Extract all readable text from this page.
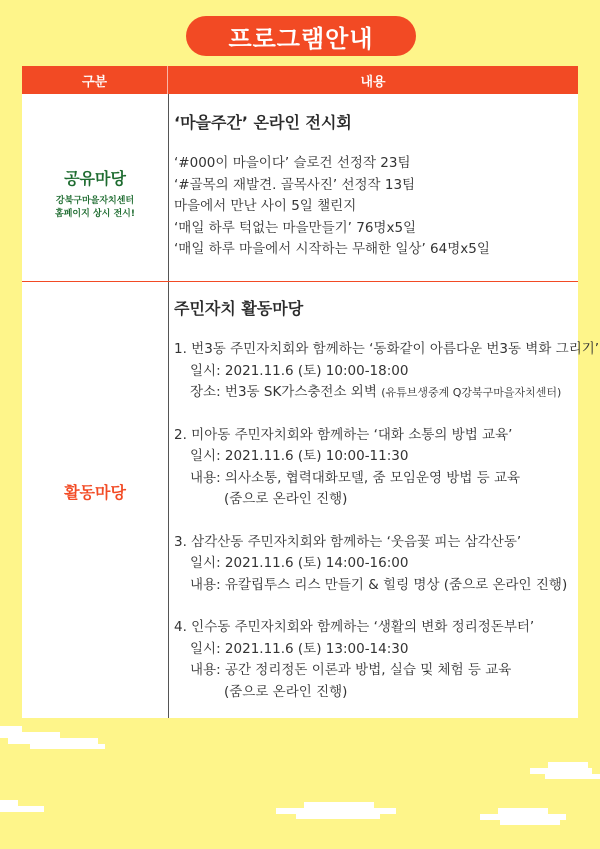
프로그램안내
구분	내용
공유마당
강북구마을자치센터
홈페이지 상시 전시!
‘마을주간’ 온라인 전시회
‘#000이 마을이다’ 슬로건 선정작 23팀
‘#골목의 재발견. 골목사진’ 선정작 13팀
마을에서 만난 사이 5일 챌린지
‘매일 하루 턱없는 마을만들기’ 76명x5일
‘매일 하루 마을에서 시작하는 무해한 일상’ 64명x5일
활동마당
주민자치 활동마당
1. 번3동 주민자치회와 함께하는 ‘동화같이 아름다운 번3동 벽화 그리기’
일시: 2021.11.6 (토) 10:00-18:00
장소: 번3동 SK가스충전소 외벽 (유튜브생중계 Q강북구마을자치센터)
2. 미아동 주민자치회와 함께하는 ‘대화 소통의 방법 교육’
일시: 2021.11.6 (토) 10:00-11:30
내용: 의사소통, 협력대화모델, 줌 모임운영 방법 등 교육
(줌으로 온라인 진행)
3. 삼각산동 주민자치회와 함께하는 ‘웃음꽃 피는 삼각산동’
일시: 2021.11.6 (토) 14:00-16:00
내용: 유칼립투스 리스 만들기 & 힐링 명상 (줌으로 온라인 진행)
4. 인수동 주민자치회와 함께하는 ‘생활의 변화 정리정돈부터’
일시: 2021.11.6 (토) 13:00-14:30
내용: 공간 정리정돈 이론과 방법, 실습 및 체험 등 교육
(줌으로 온라인 진행)
